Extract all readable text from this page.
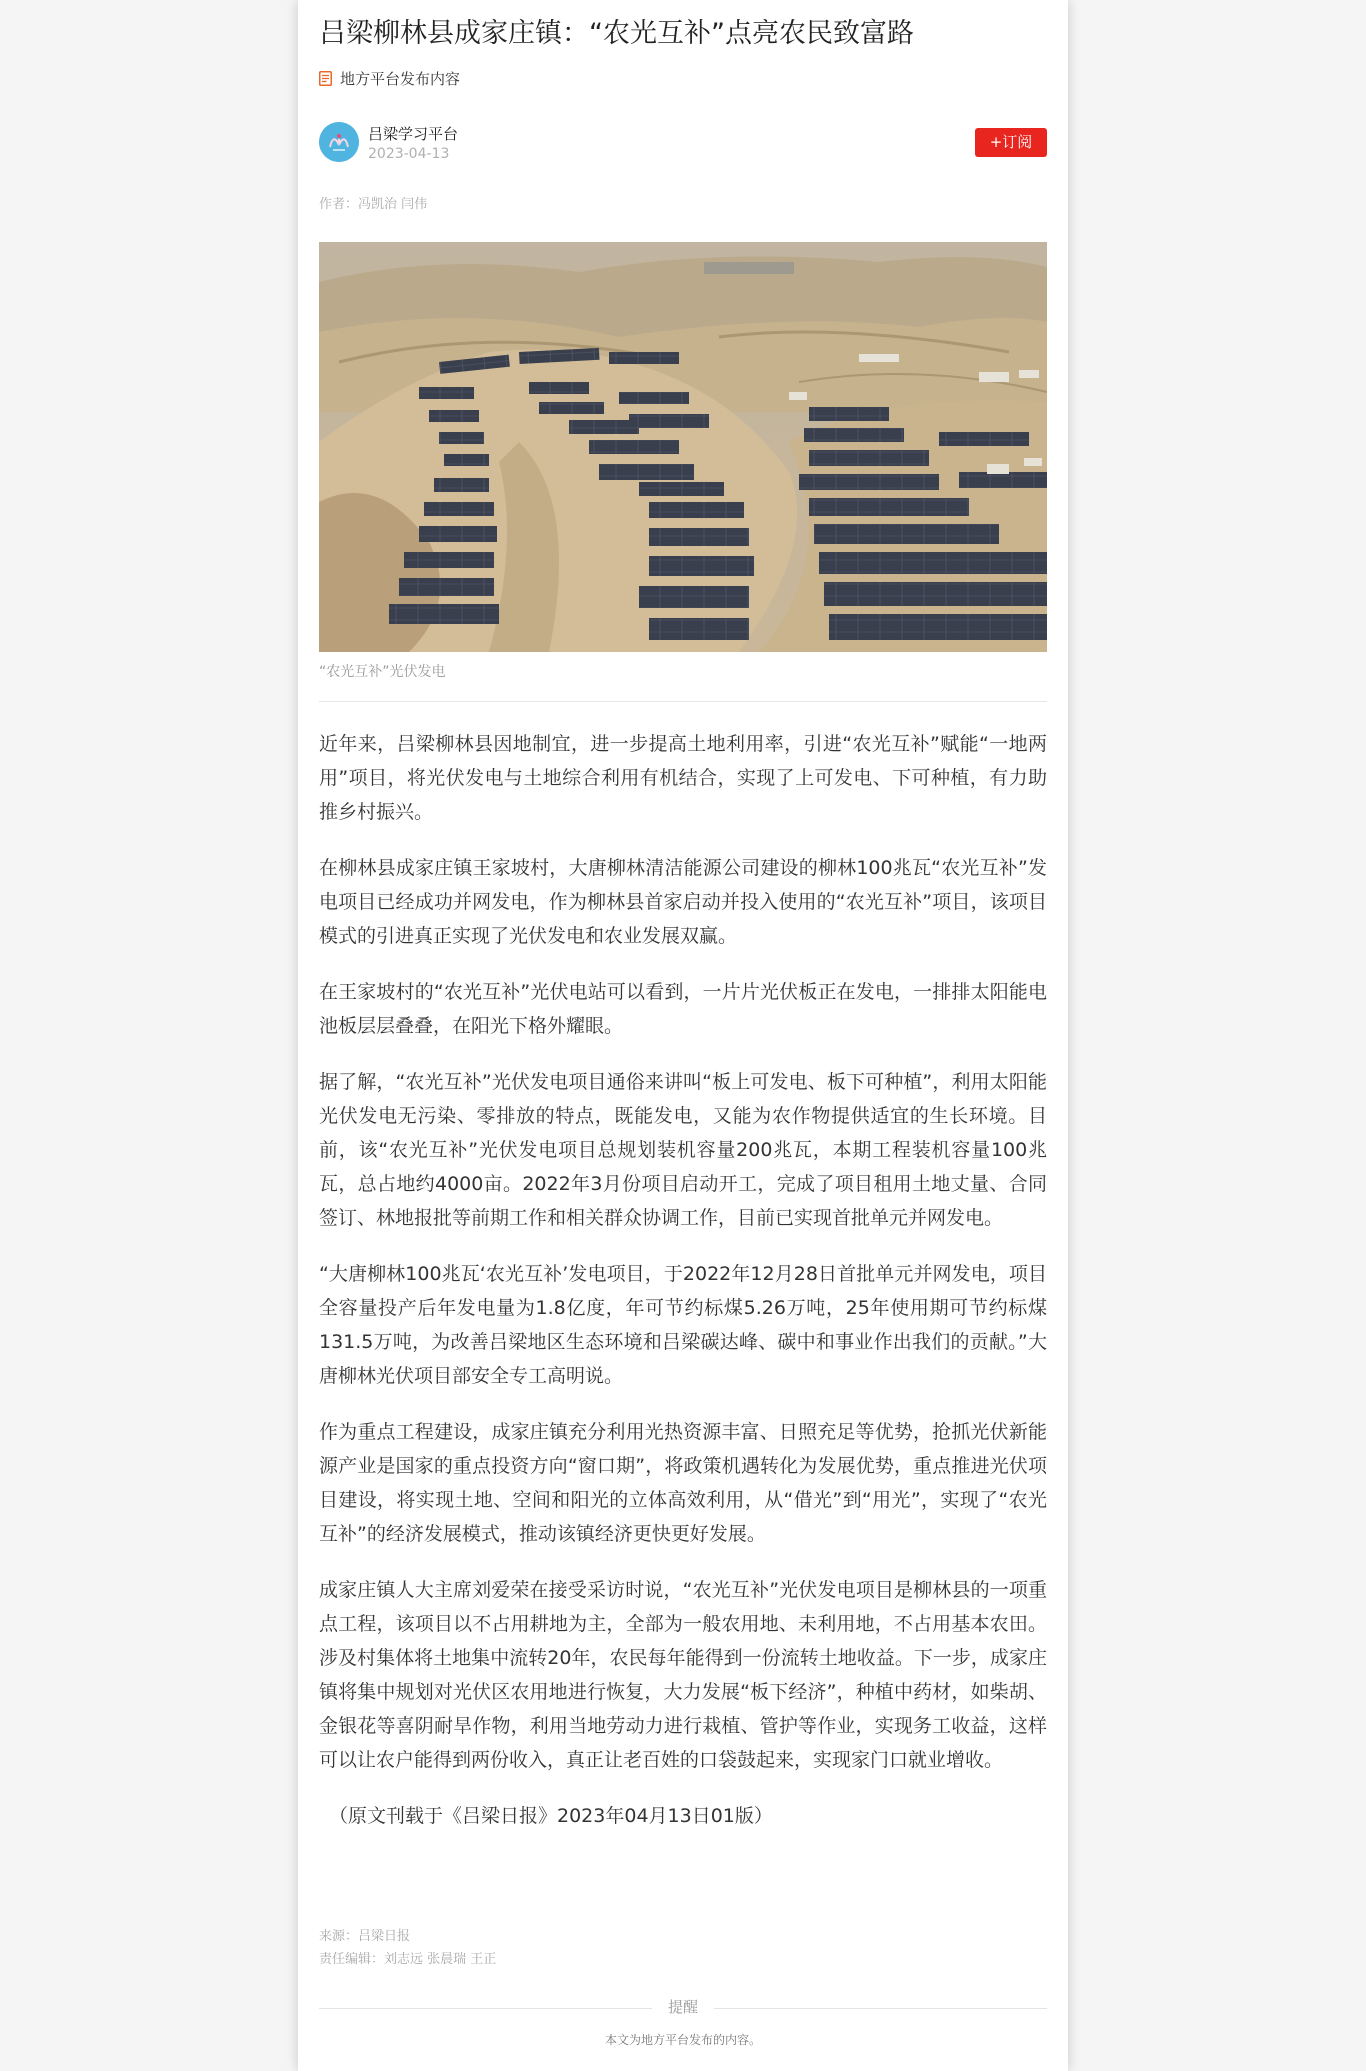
吕梁柳林县成家庄镇：“农光互补”点亮农民致富路
地方平台发布内容
吕梁学习平台
2023-04-13
+订阅
作者：冯凯治 闫伟
“农光互补”光伏发电

近年来，吕梁柳林县因地制宜，进一步提高土地利用率，引进“农光互补”赋能“一地两用”项目，将光伏发电与土地综合利用有机结合，实现了上可发电、下可种植，有力助推乡村振兴。

在柳林县成家庄镇王家坡村，大唐柳林清洁能源公司建设的柳林100兆瓦“农光互补”发电项目已经成功并网发电，作为柳林县首家启动并投入使用的“农光互补”项目，该项目模式的引进真正实现了光伏发电和农业发展双赢。

在王家坡村的“农光互补”光伏电站可以看到，一片片光伏板正在发电，一排排太阳能电池板层层叠叠，在阳光下格外耀眼。

据了解，“农光互补”光伏发电项目通俗来讲叫“板上可发电、板下可种植”，利用太阳能光伏发电无污染、零排放的特点，既能发电，又能为农作物提供适宜的生长环境。目前，该“农光互补”光伏发电项目总规划装机容量200兆瓦，本期工程装机容量100兆瓦，总占地约4000亩。2022年3月份项目启动开工，完成了项目租用土地丈量、合同签订、林地报批等前期工作和相关群众协调工作，目前已实现首批单元并网发电。

“大唐柳林100兆瓦‘农光互补’发电项目，于2022年12月28日首批单元并网发电，项目全容量投产后年发电量为1.8亿度，年可节约标煤5.26万吨，25年使用期可节约标煤131.5万吨，为改善吕梁地区生态环境和吕梁碳达峰、碳中和事业作出我们的贡献。”大唐柳林光伏项目部安全专工高明说。

作为重点工程建设，成家庄镇充分利用光热资源丰富、日照充足等优势，抢抓光伏新能源产业是国家的重点投资方向“窗口期”，将政策机遇转化为发展优势，重点推进光伏项目建设，将实现土地、空间和阳光的立体高效利用，从“借光”到“用光”，实现了“农光互补”的经济发展模式，推动该镇经济更快更好发展。

成家庄镇人大主席刘爱荣在接受采访时说，“农光互补”光伏发电项目是柳林县的一项重点工程，该项目以不占用耕地为主，全部为一般农用地、未利用地，不占用基本农田。涉及村集体将土地集中流转20年，农民每年能得到一份流转土地收益。下一步，成家庄镇将集中规划对光伏区农用地进行恢复，大力发展“板下经济”，种植中药材，如柴胡、金银花等喜阴耐旱作物，利用当地劳动力进行栽植、管护等作业，实现务工收益，这样可以让农户能得到两份收入，真正让老百姓的口袋鼓起来，实现家门口就业增收。

（原文刊载于《吕梁日报》2023年04月13日01版）

来源：吕梁日报
责任编辑：刘志远 张晨瑞 王正
提醒
本文为地方平台发布的内容。
